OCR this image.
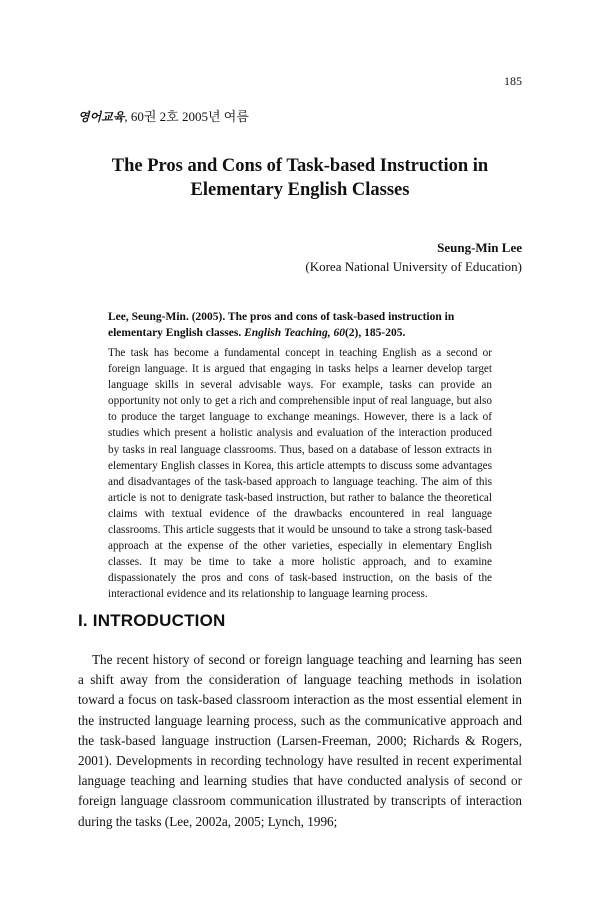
185
영어교육, 60권 2호 2005년 여름
The Pros and Cons of Task-based Instruction in
Elementary English Classes
Seung-Min Lee
(Korea National University of Education)
Lee, Seung-Min. (2005). The pros and cons of task-based instruction in elementary English classes. English Teaching, 60(2), 185-205.
The task has become a fundamental concept in teaching English as a second or foreign language. It is argued that engaging in tasks helps a learner develop target language skills in several advisable ways. For example, tasks can provide an opportunity not only to get a rich and comprehensible input of real language, but also to produce the target language to exchange meanings. However, there is a lack of studies which present a holistic analysis and evaluation of the interaction produced by tasks in real language classrooms. Thus, based on a database of lesson extracts in elementary English classes in Korea, this article attempts to discuss some advantages and disadvantages of the task-based approach to language teaching. The aim of this article is not to denigrate task-based instruction, but rather to balance the theoretical claims with textual evidence of the drawbacks encountered in real language classrooms. This article suggests that it would be unsound to take a strong task-based approach at the expense of the other varieties, especially in elementary English classes. It may be time to take a more holistic approach, and to examine dispassionately the pros and cons of task-based instruction, on the basis of the interactional evidence and its relationship to language learning process.
I. INTRODUCTION
The recent history of second or foreign language teaching and learning has seen a shift away from the consideration of language teaching methods in isolation toward a focus on task-based classroom interaction as the most essential element in the instructed language learning process, such as the communicative approach and the task-based language instruction (Larsen-Freeman, 2000; Richards & Rogers, 2001). Developments in recording technology have resulted in recent experimental language teaching and learning studies that have conducted analysis of second or foreign language classroom communication illustrated by transcripts of interaction during the tasks (Lee, 2002a, 2005; Lynch, 1996;
